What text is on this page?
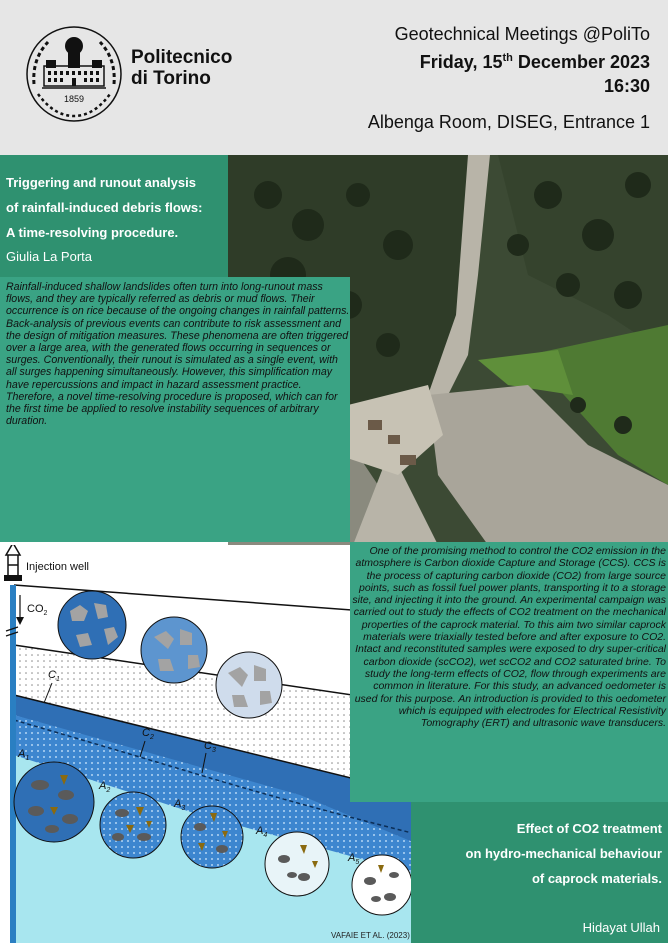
1859
Politecnico
di Torino
Geotechnical Meetings @PoliTo
Friday, 15th December 2023
16:30
Albenga Room, DISEG, Entrance 1
Triggering and runout analysis
of rainfall-induced debris flows:
A time-resolving procedure.
Giulia La Porta
Rainfall-induced shallow landslides often turn into long-runout mass flows, and they are typically referred as debris or mud flows. Their occurrence is on rice because of the ongoing changes in rainfall patterns. Back-analysis of previous events can contribute to risk assessment and the design of mitigation measures. These phenomena are often triggered over a large area, with the generated flows occurring in sequences or surges. Conventionally, their runout is simulated as a single event, with all surges happening simultaneously. However, this simplification may have repercussions and impact in hazard assessment practice. Therefore, a novel time-resolving procedure is proposed, which can for the first time be applied to resolve instability sequences of arbitrary duration.
Injection well
$CO_2$
$C_1$
$C_2$
$C_3$
$A_1$
$A_2$
$A_3$
$A_4$
$A_5$
One of the promising method to control the CO2 emission in the atmosphere is Carbon dioxide Capture and Storage (CCS). CCS is the process of capturing carbon dioxide (CO2) from large source points, such as fossil fuel power plants, transporting it to a storage site, and injecting it into the ground. An experimental campaign was carried out to study the effects of CO2 treatment on the mechanical properties of the caprock material. To this aim two similar caprock materials were triaxially tested before and after exposure to CO2. Intact and reconstituted samples were exposed to dry super-critical carbon dioxide (scCO2), wet scCO2 and CO2 saturated brine. To study the long-term effects of CO2, flow through experiments are common in literature. For this study, an advanced oedometer is used for this purpose. An introduction is provided to this oedometer which is equipped with electrodes for Electrical Resistivity Tomography (ERT) and ultrasonic wave transducers.
Effect of CO2 treatment
on hydro-mechanical behaviour
of caprock materials.
Hidayat Ullah
VAFAIE ET AL. (2023)
